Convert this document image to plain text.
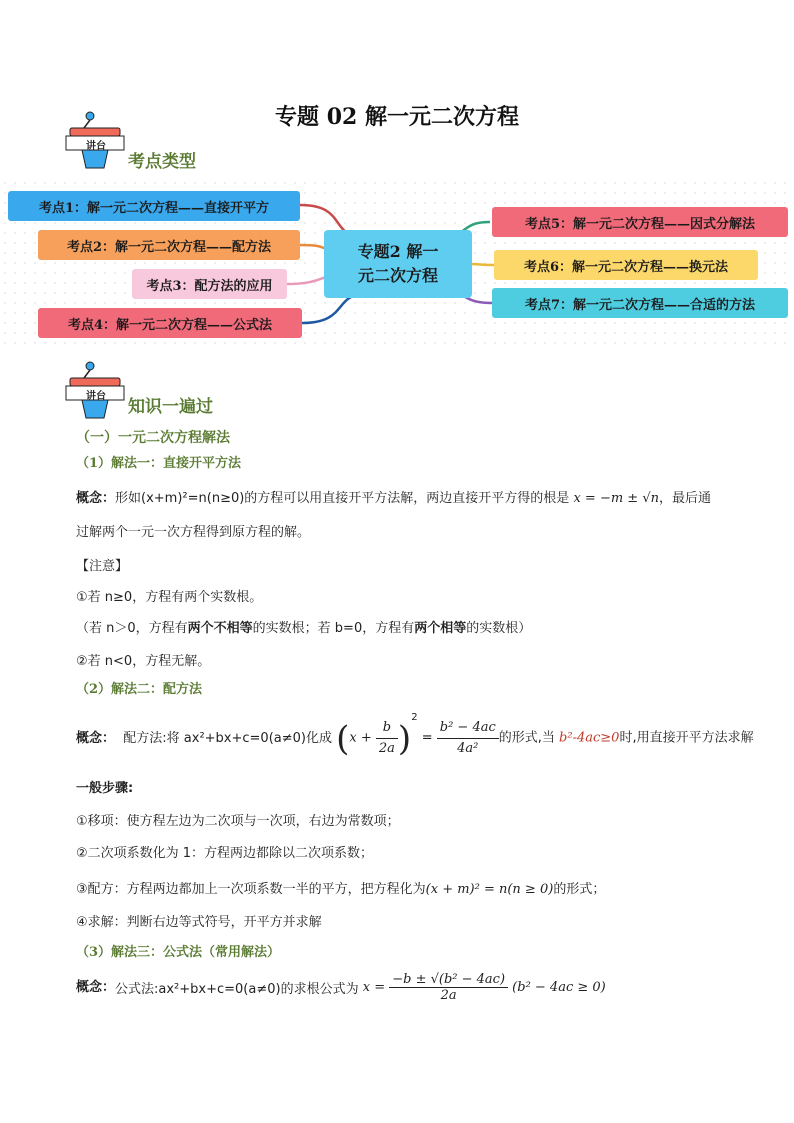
专题 02 解一元二次方程
讲台
考点类型
考点1：解一元二次方程——直接开平方
考点2：解一元二次方程——配方法
考点3：配方法的应用
考点4：解一元二次方程——公式法
专题2 解一
元二次方程
考点5：解一元二次方程——因式分解法
考点6：解一元二次方程——换元法
考点7：解一元二次方程——合适的方法
讲台
知识一遍过
（一）一元二次方程解法
（1）解法一：直接开平方法
概念：形如(x+m)²=n(n≥0)的方程可以用直接开平方法解，两边直接开平方得的根是 x = −m ± √n，最后通
过解两个一元一次方程得到原方程的解。
【注意】
①若 n≥0，方程有两个实数根。
（若 n＞0，方程有两个不相等的实数根；若 b=0，方程有两个相等的实数根）
②若 n<0，方程无解。
（2）解法二：配方法
概念： 配方法:将 ax²+bx+c=0(a≠0)化成 $(x + \frac{b}{2a} )^2 = \frac{\text{b² − 4ac}}{\text{4a²}}$ 的形式,当 b²-4ac≥0时,用直接开平方法求解
一般步骤:
①移项：使方程左边为二次项与一次项，右边为常数项；
②二次项系数化为 1：方程两边都除以二次项系数；
③配方：方程两边都加上一次项系数一半的平方，把方程化为(x + m)² = n(n ≥ 0)的形式；
④求解：判断右边等式符号，开平方并求解
（3）解法三：公式法（常用解法）
概念：公式法:ax²+bx+c=0(a≠0)的求根公式为 $x = \frac{\text{−b ± √(b² − 4ac)}}{2a} (b^2 - 4ac \ge 0)$
